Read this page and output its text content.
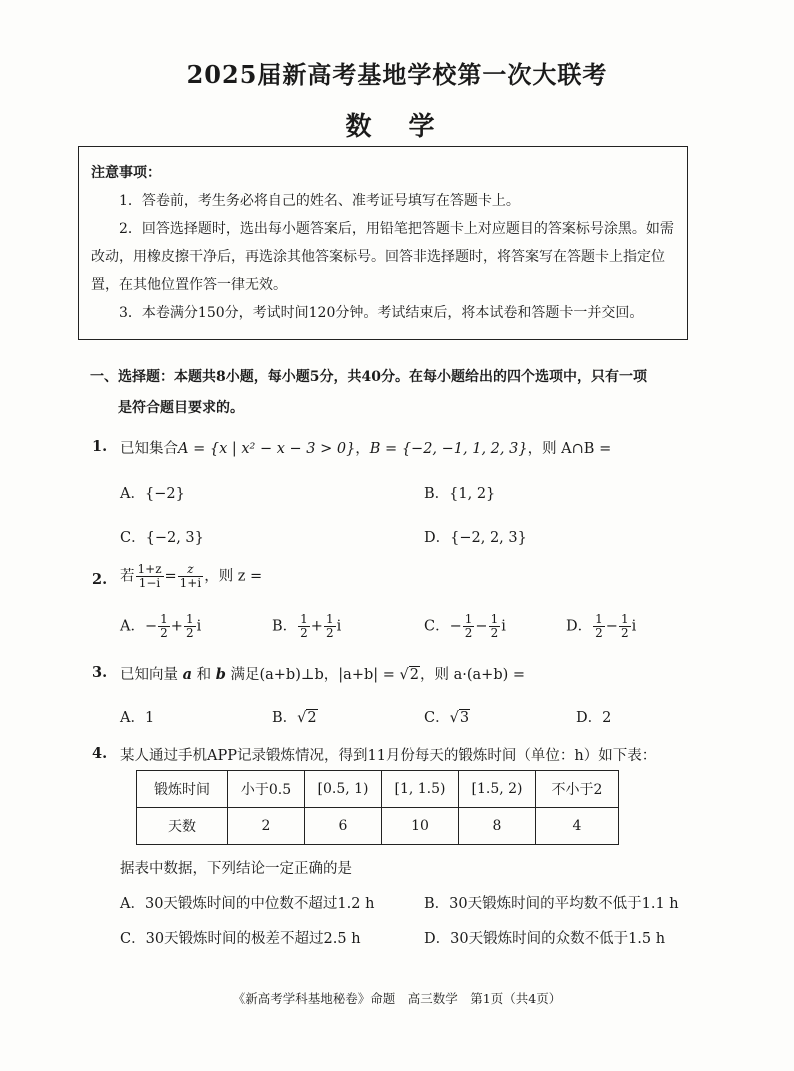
2025届新高考基地学校第一次大联考
数 学
注意事项：
1．答卷前，考生务必将自己的姓名、准考证号填写在答题卡上。
2．回答选择题时，选出每小题答案后，用铅笔把答题卡上对应题目的答案标号涂黑。如需改动，用橡皮擦干净后，再选涂其他答案标号。回答非选择题时，将答案写在答题卡上指定位置，在其他位置作答一律无效。
3．本卷满分150分，考试时间120分钟。考试结束后，将本试卷和答题卡一并交回。
一、选择题：本题共8小题，每小题5分，共40分。在每小题给出的四个选项中，只有一项
是符合题目要求的。
1. 已知集合A = {x | x² − x − 3 > 0}，B = {−2, −1, 1, 2, 3}，则 A∩B =
A．{−2}	B．{1, 2}
C．{−2, 3}	D．{−2, 2, 3}
2. 若 $\frac{1+z}{1-i} = \frac{z}{1+i}$ ，则 z =
A．− $\frac{1}{2} + \frac{1}{2}$ i	B． $\frac{1}{2} + \frac{1}{2}$ i	C．− $\frac{1}{2} - \frac{1}{2}$ i	D． $\frac{1}{2} - \frac{1}{2}$ i
3. 已知向量 a 和 b 满足(a+b)⊥b，|a+b| = √2，则 a·(a+b) =
A．1	B．√2	C．√3	D．2
4. 某人通过手机APP记录锻炼情况，得到11月份每天的锻炼时间（单位：h）如下表：
锻炼时间	小于0.5	[0.5, 1)	[1, 1.5)	[1.5, 2)	不小于2
天数	2	6	10	8	4
据表中数据，下列结论一定正确的是
A．30天锻炼时间的中位数不超过1.2 h	B．30天锻炼时间的平均数不低于1.1 h
C．30天锻炼时间的极差不超过2.5 h	D．30天锻炼时间的众数不低于1.5 h
《新高考学科基地秘卷》命题　高三数学　第1页（共4页）
